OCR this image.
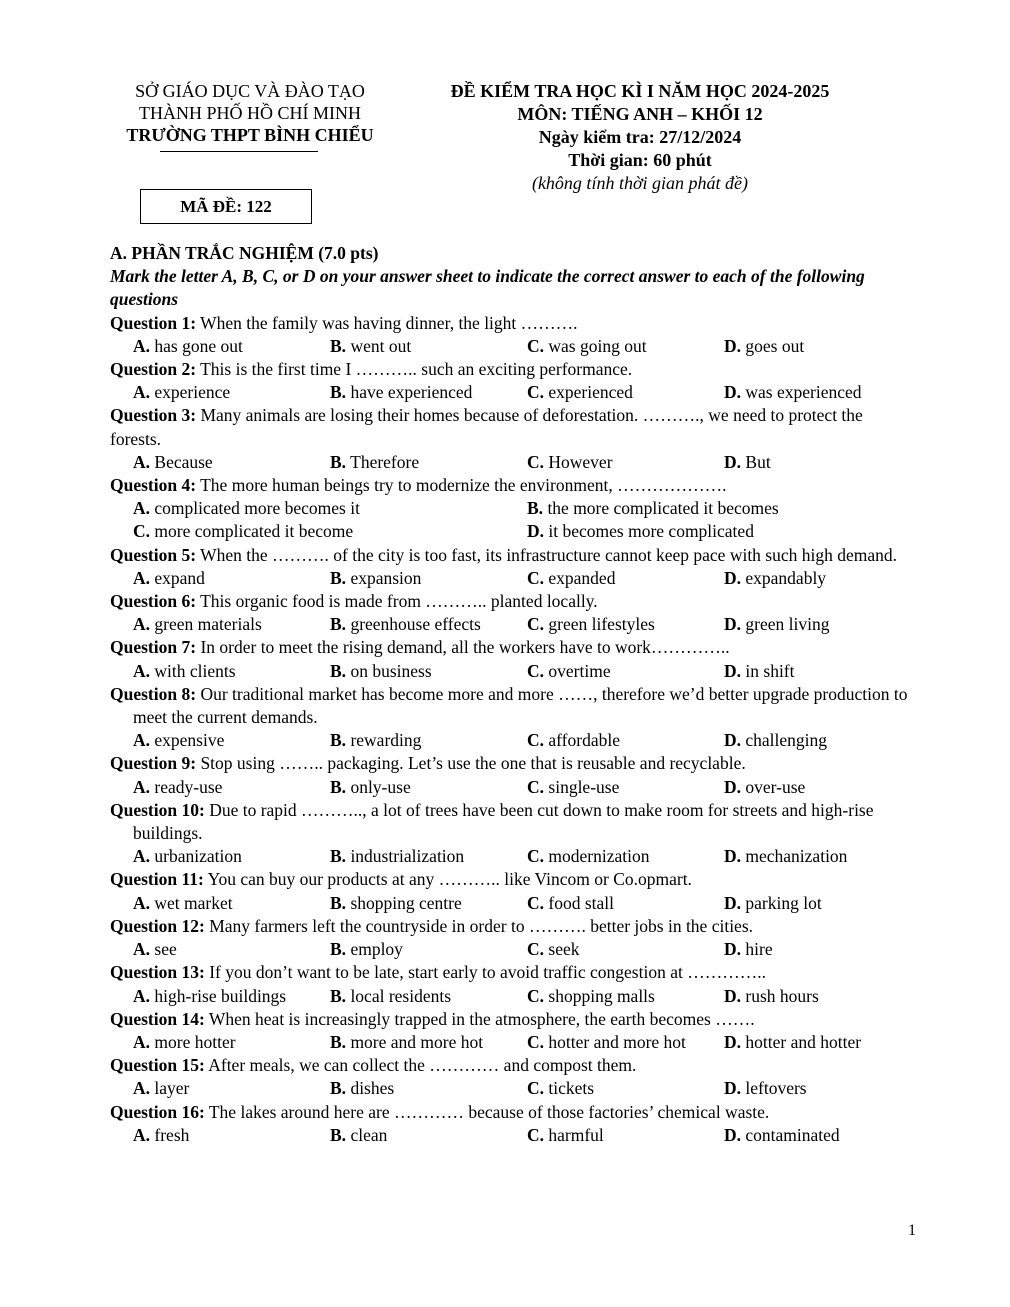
SỞ GIÁO DỤC VÀ ĐÀO TẠO
THÀNH PHỐ HỒ CHÍ MINH
TRƯỜNG THPT BÌNH CHIỂU
ĐỀ KIỂM TRA HỌC KÌ I NĂM HỌC 2024-2025
MÔN: TIẾNG ANH – KHỐI 12
Ngày kiểm tra: 27/12/2024
Thời gian: 60 phút
(không tính thời gian phát đề)
MÃ ĐỀ: 122
A. PHẦN TRẮC NGHIỆM (7.0 pts)
Mark the letter A, B, C, or D on your answer sheet to indicate the correct answer to each of the following questions
Question 1: When the family was having dinner, the light ……….
A. has gone out	B. went out	C. was going out	D. goes out
Question 2: This is the first time I ……….. such an exciting performance.
A. experience	B. have experienced	C. experienced	D. was experienced
Question 3: Many animals are losing their homes because of deforestation. ………., we need to protect the forests.
A. Because	B. Therefore	C. However	D. But
Question 4: The more human beings try to modernize the environment, ……………….
A. complicated more becomes it	B. the more complicated it becomes
C. more complicated it become	D. it becomes more complicated
Question 5: When the ………. of the city is too fast, its infrastructure cannot keep pace with such high demand.
A. expand	B. expansion	C. expanded	D. expandably
Question 6: This organic food is made from ……….. planted locally.
A. green materials	B. greenhouse effects	C. green lifestyles	D. green living
Question 7: In order to meet the rising demand, all the workers have to work…………..
A. with clients	B. on business	C. overtime	D. in shift
Question 8: Our traditional market has become more and more ……, therefore we’d better upgrade production to meet the current demands.
A. expensive	B. rewarding	C. affordable	D. challenging
Question 9: Stop using …….. packaging. Let’s use the one that is reusable and recyclable.
A. ready-use	B. only-use	C. single-use	D. over-use
Question 10: Due to rapid ……….., a lot of trees have been cut down to make room for streets and high-rise buildings.
A. urbanization	B. industrialization	C. modernization	D. mechanization
Question 11: You can buy our products at any ……….. like Vincom or Co.opmart.
A. wet market	B. shopping centre	C. food stall	D. parking lot
Question 12: Many farmers left the countryside in order to ………. better jobs in the cities.
A. see	B. employ	C. seek	D. hire
Question 13: If you don’t want to be late, start early to avoid traffic congestion at …………..
A. high-rise buildings	B. local residents	C. shopping malls	D. rush hours
Question 14: When heat is increasingly trapped in the atmosphere, the earth becomes …….
A. more hotter	B. more and more hot	C. hotter and more hot	D. hotter and hotter
Question 15: After meals, we can collect the ………… and compost them.
A. layer	B. dishes	C. tickets	D. leftovers
Question 16: The lakes around here are ………… because of those factories’ chemical waste.
A. fresh	B. clean	C. harmful	D. contaminated
1
